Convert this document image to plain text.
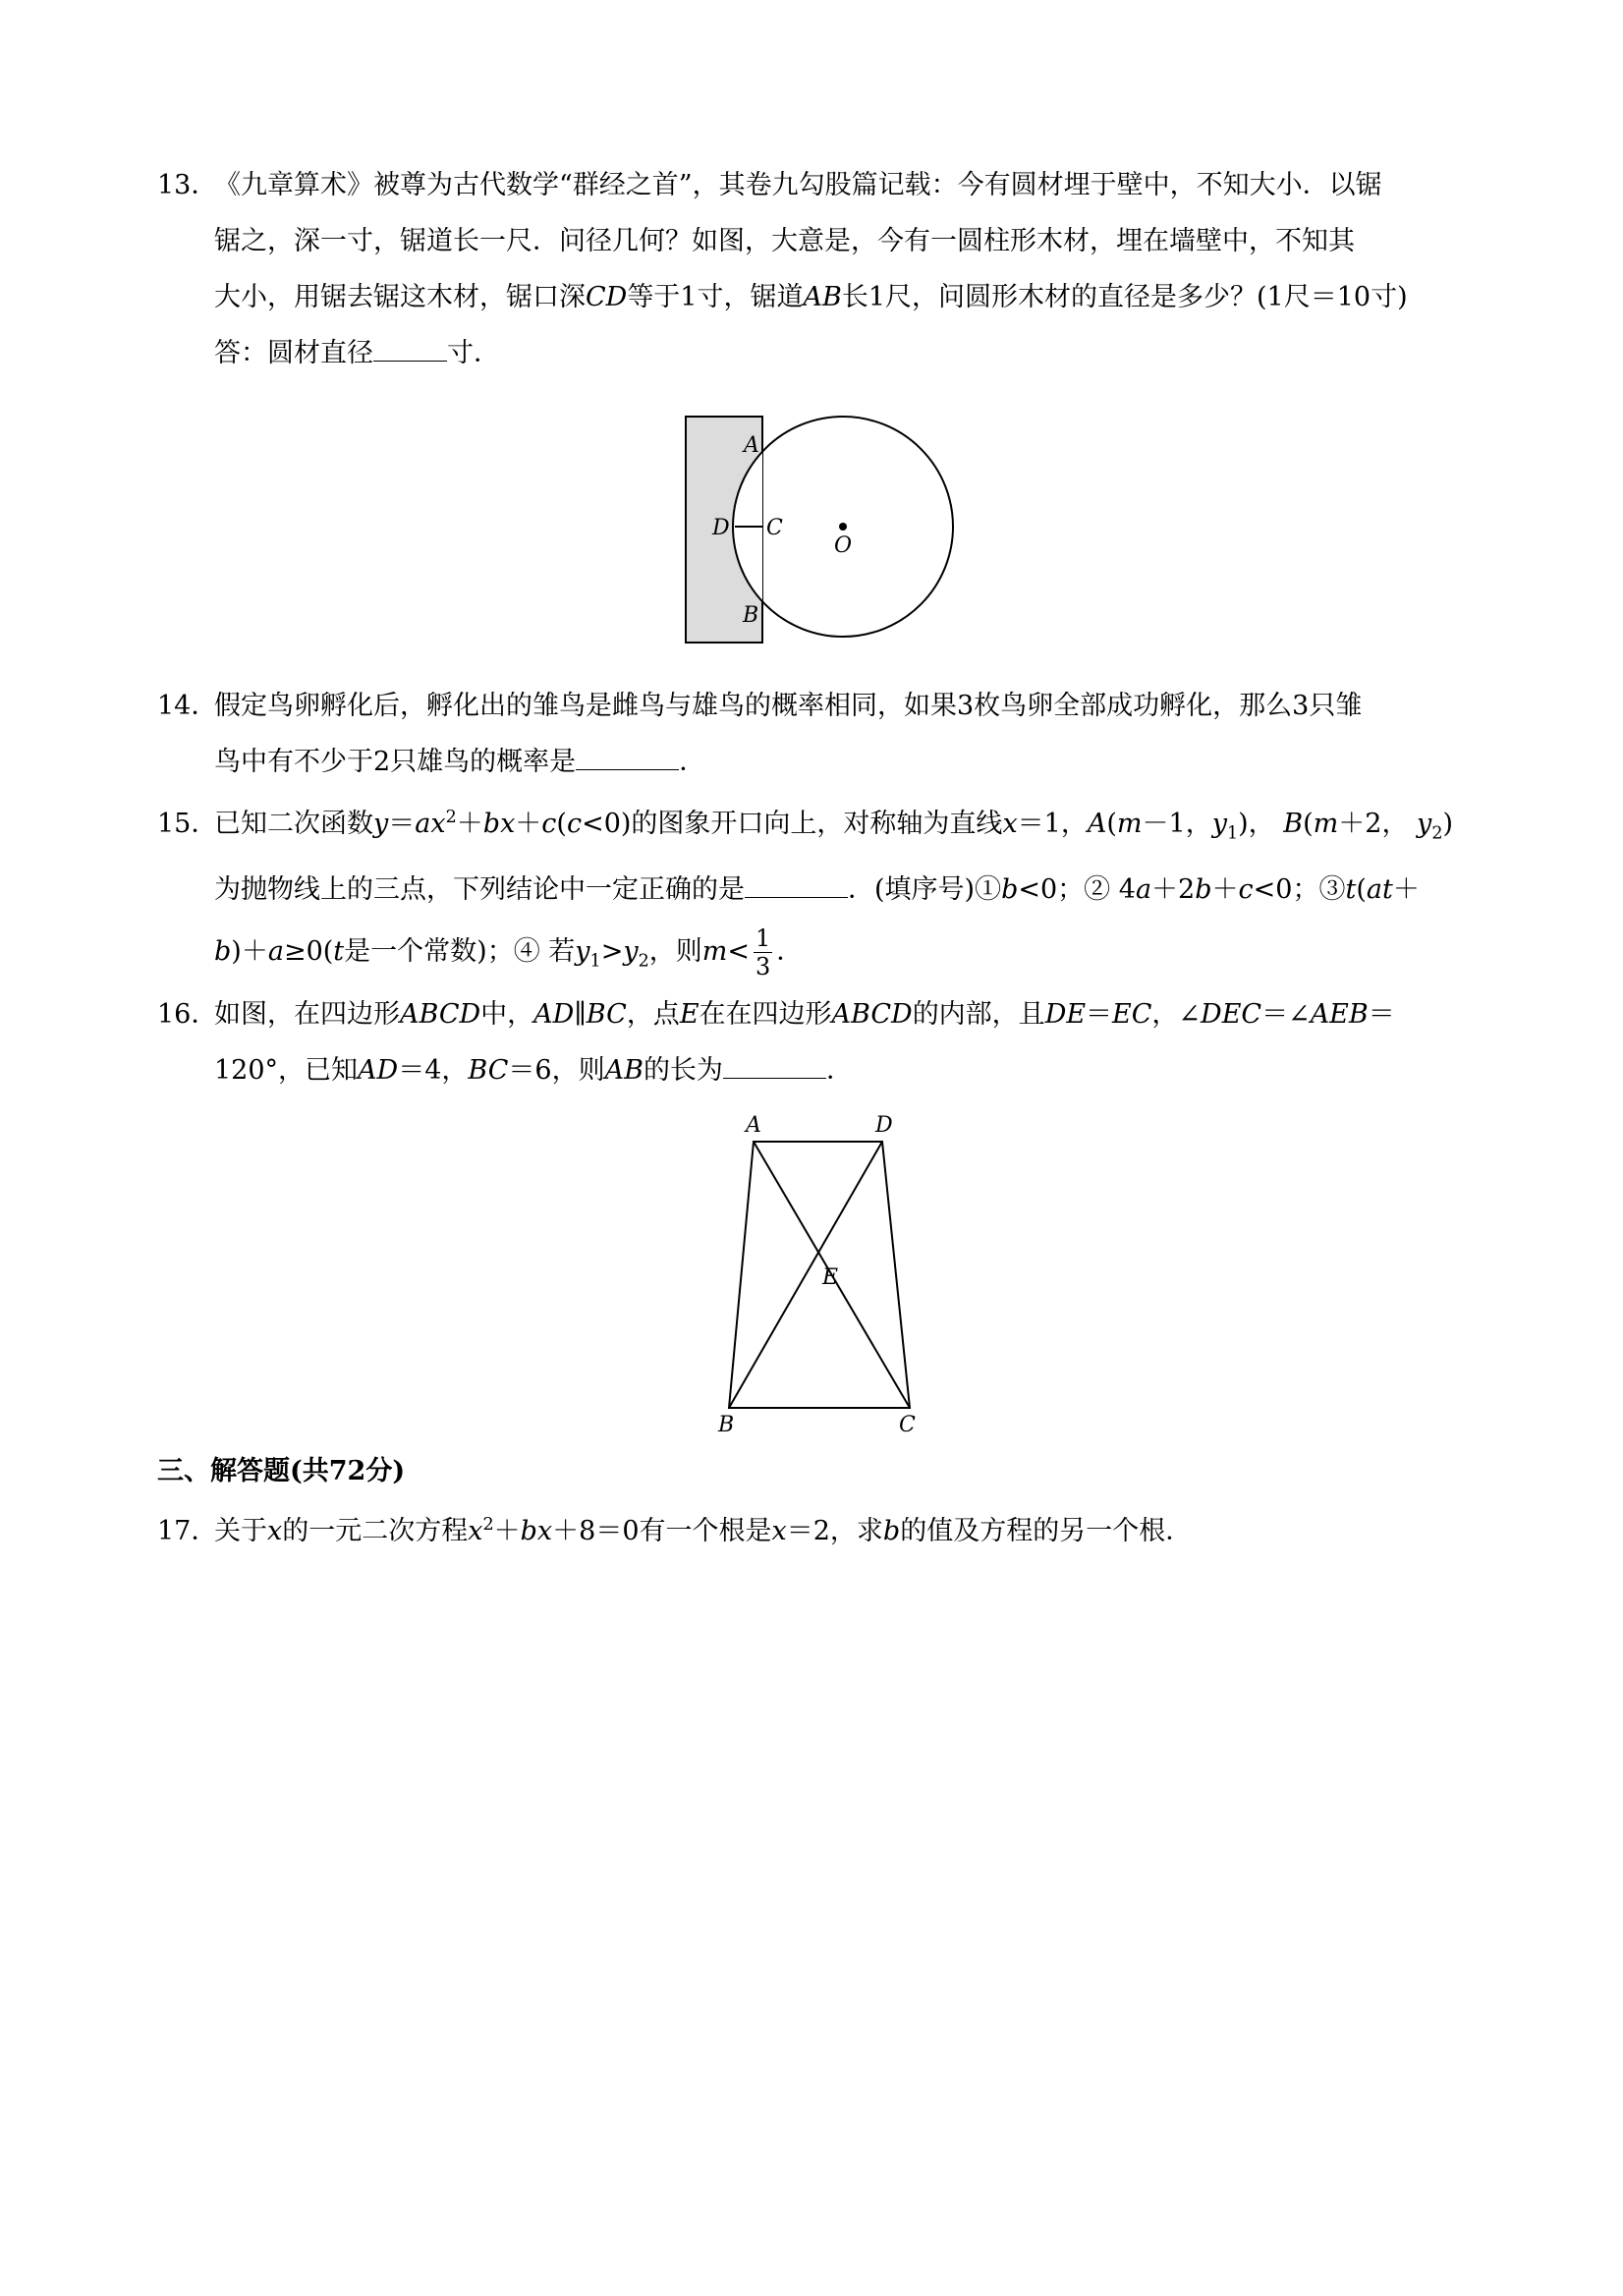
13．《九章算术》被尊为古代数学“群经之首”，其卷九勾股篇记载：今有圆材埋于壁中，不知大小．以锯
锯之，深一寸，锯道长一尺．问径几何？如图，大意是，今有一圆柱形木材，埋在墙壁中，不知其
大小，用锯去锯这木材，锯口深CD等于1寸，锯道AB长1尺，问圆形木材的直径是多少？(1尺＝10寸)
答：圆材直径	寸．
A
D C
O
B
14．假定鸟卵孵化后，孵化出的雏鸟是雌鸟与雄鸟的概率相同，如果3枚鸟卵全部成功孵化，那么3只雏
鸟中有不少于2只雄鸟的概率是	．
15．已知二次函数$y=ax^2+bx+c(c<0)$的图象开口向上，对称轴为直线x＝1，A(m－1，$y_1$)， B(m＋2， $y_2$)
为抛物线上的三点，下列结论中一定正确的是	．(填序号)①b<0；② 4a＋2b＋c<0；③t(at＋
b)＋a≥0(t是一个常数)；④ 若$y_1>y_2$，则$m< \frac{1}{3}$ ．
16．如图，在四边形ABCD中，AD∥BC，点E在在四边形ABCD的内部，且DE＝EC，∠DEC＝∠AEB＝
120°，已知AD＝4，BC＝6，则AB的长为	．
A	D
E
B	C
三、解答题(共72分)
17．关于x的一元二次方程$x^2+bx+8=0$有一个根是x＝2，求b的值及方程的另一个根．
